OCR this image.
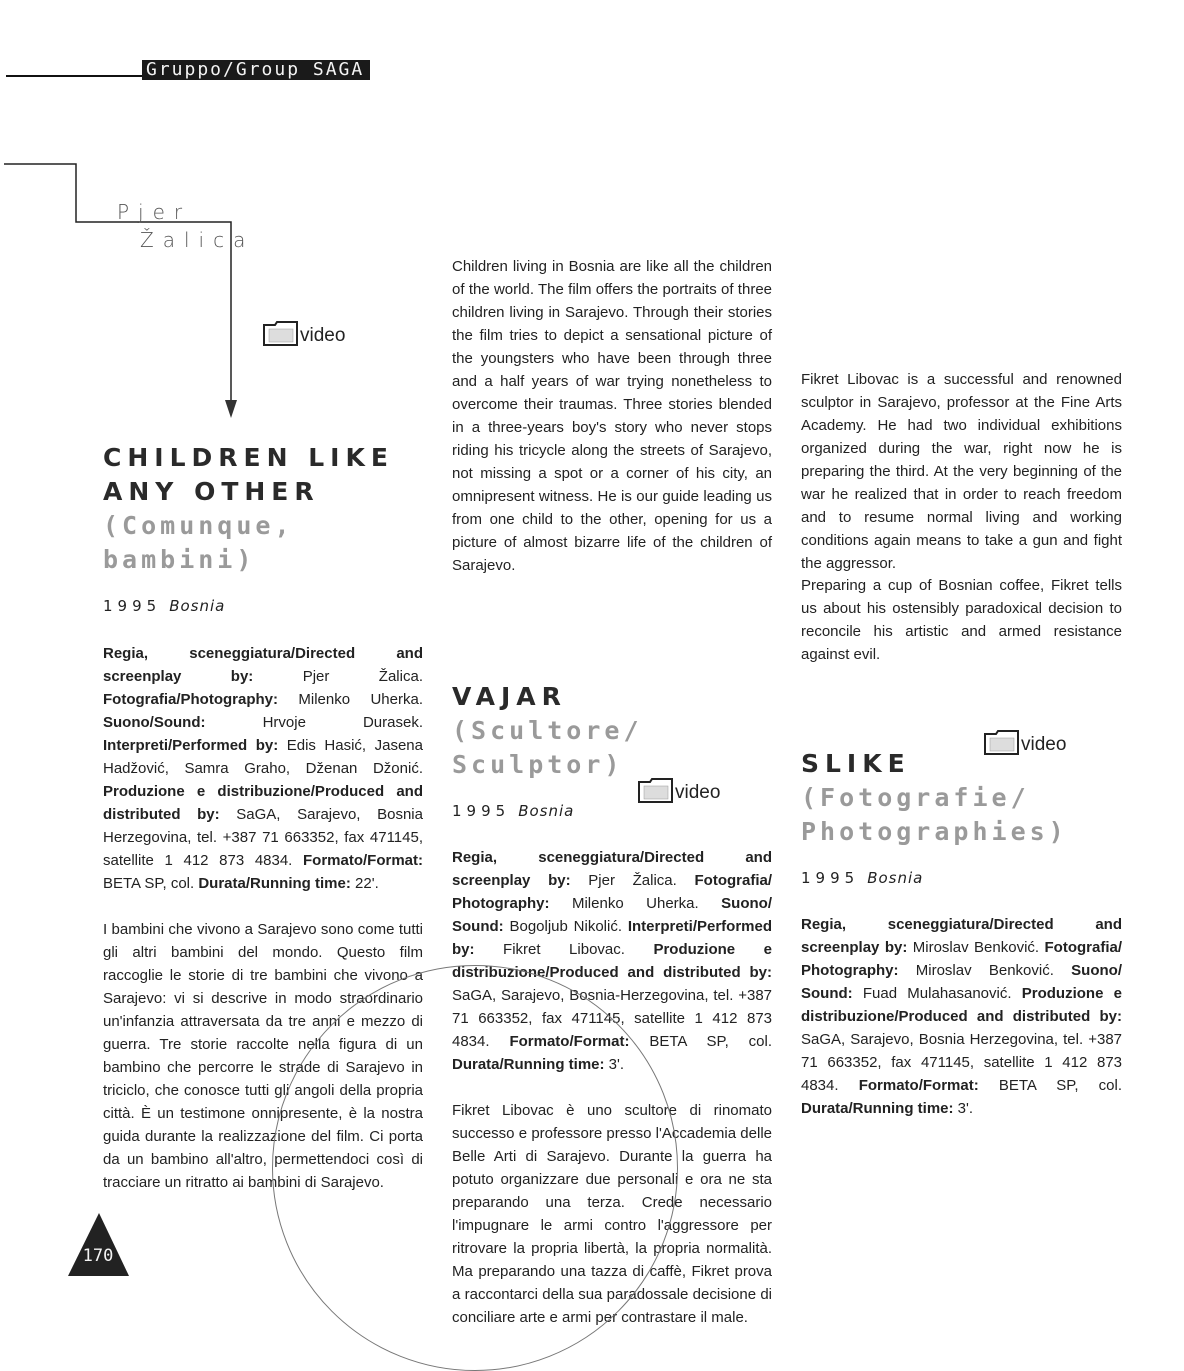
Gruppo/Group SAGA
Pjer
Žalica
video
CHILDREN LIKE
ANY OTHER
(Comunque,
bambini)
1995 Bosnia

Regia, sceneggiatura/Directed and screenplay by:	Pjer Žalica. Fotografia/Photography: Milenko Uherka. Suono/Sound:	Hrvoje Durasek. Interpreti/Performed by: Edis Hasić, Jasena Hadžović, Samra Graho, Dženan Džonić. Produzione e distribuzione/Produced and distributed by: SaGA, Sarajevo, Bosnia Herzegovina, tel. +387 71 663352, fax 471145, satellite 1 412 873 4834. Formato/Format: BETA SP, col. Durata/Running time: 22'.

I bambini che vivono a Sarajevo sono come tutti gli altri bambini del mondo. Questo film raccoglie le storie di tre bambini che vivono a Sarajevo: vi si descrive in modo straordinario un'infanzia attraversata da tre anni e mezzo di guerra. Tre storie raccolte nella figura di un bambino che percorre le strade di Sarajevo in triciclo, che conosce tutti gli angoli della propria città. È un testimone onnipresente, è la nostra guida durante la realizzazione del film. Ci porta da un bambino all'altro, permettendoci così di tracciare un ritratto ai bambini di Sarajevo.

Children living in Bosnia are like all the children of the world. The film offers the portraits of three children living in Sarajevo. Through their stories the film tries to depict a sensational picture of the youngsters who have been through three and a half years of war trying nonetheless to overcome their traumas. Three stories blended in a three-years boy's story who never stops riding his tricycle along the streets of Sarajevo, not missing a spot or a corner of his city, an omnipresent witness. He is our guide leading us from one child to the other, opening for us a picture of almost bizarre life of the children of Sarajevo.

VAJAR
(Scultore/
Sculptor)
video
1995 Bosnia

Regia, sceneggiatura/Directed and screenplay by: Pjer Žalica. Fotografia/ Photography: Milenko Uherka. Suono/ Sound: Bogoljub Nikolić. Interpreti/Performed by: Fikret Libovac. Produzione e distribuzione/Produced and distributed by: SaGA, Sarajevo, Bosnia-Herzegovina, tel. +387 71 663352, fax 471145, satellite 1 412 873 4834. Formato/Format: BETA SP, col. Durata/Running time: 3'.

Fikret Libovac è uno scultore di rinomato successo e professore presso l'Accademia delle Belle Arti di Sarajevo. Durante la guerra ha potuto organizzare due personali e ora ne sta preparando una terza. Crede necessario l'impugnare le armi contro l'aggressore per ritrovare la propria libertà, la propria normalità. Ma preparando una tazza di caffè, Fikret prova a raccontarci della sua paradossale decisione di conciliare arte e armi per contrastare il male.

Fikret Libovac is a successful and renowned sculptor in Sarajevo, professor at the Fine Arts Academy. He had two individual exhibitions organized during the war, right now he is preparing the third. At the very beginning of the war he realized that in order to reach freedom and to resume normal living and working conditions again means to take a gun and fight the aggressor.

Preparing a cup of Bosnian coffee, Fikret tells us about his ostensibly paradoxical decision to reconcile his artistic and armed resistance against evil.

video
SLIKE
(Fotografie/
Photographies)
1995 Bosnia

Regia, sceneggiatura/Directed and screenplay by: Miroslav Benković. Fotografia/ Photography: Miroslav Benković. Suono/ Sound: Fuad Mulahasanović. Produzione e distribuzione/Produced and distributed by: SaGA, Sarajevo, Bosnia Herzegovina, tel. +387 71 663352, fax 471145, satellite 1 412 873 4834. Formato/Format: BETA SP, col. Durata/Running time: 3'.

170
